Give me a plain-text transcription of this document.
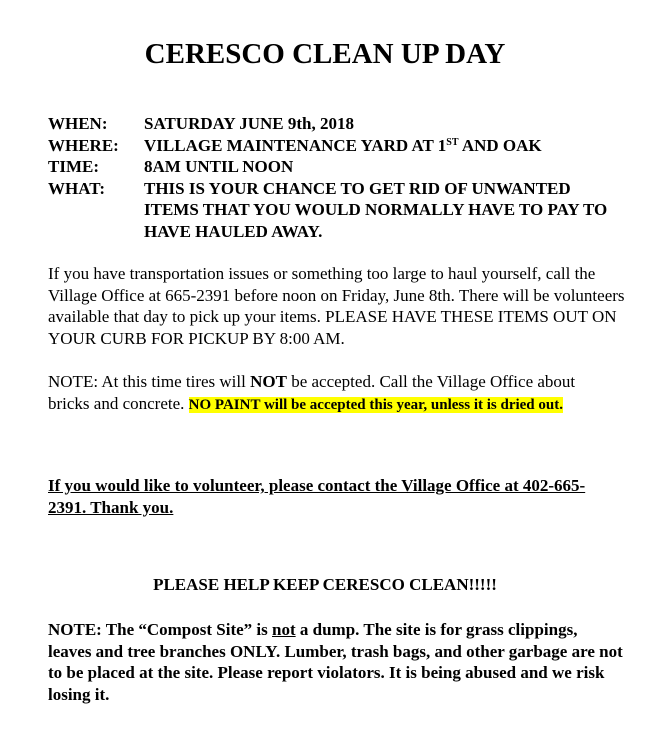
CERESCO CLEAN UP DAY
WHEN:	SATURDAY JUNE 9th, 2018
WHERE:	VILLAGE MAINTENANCE YARD AT 1ST AND OAK
TIME:	8AM UNTIL NOON
WHAT:	THIS IS YOUR CHANCE TO GET RID OF UNWANTED ITEMS THAT YOU WOULD NORMALLY HAVE TO PAY TO HAVE HAULED AWAY.
If you have transportation issues or something too large to haul yourself, call the Village Office at 665-2391 before noon on Friday, June 8th. There will be volunteers available that day to pick up your items. PLEASE HAVE THESE ITEMS OUT ON YOUR CURB FOR PICKUP BY 8:00 AM.
NOTE: At this time tires will NOT be accepted. Call the Village Office about bricks and concrete. NO PAINT will be accepted this year, unless it is dried out.
If you would like to volunteer, please contact the Village Office at 402-665-2391. Thank you.
PLEASE HELP KEEP CERESCO CLEAN!!!!!
NOTE: The “Compost Site” is not a dump. The site is for grass clippings, leaves and tree branches ONLY. Lumber, trash bags, and other garbage are not to be placed at the site. Please report violators. It is being abused and we risk losing it.
